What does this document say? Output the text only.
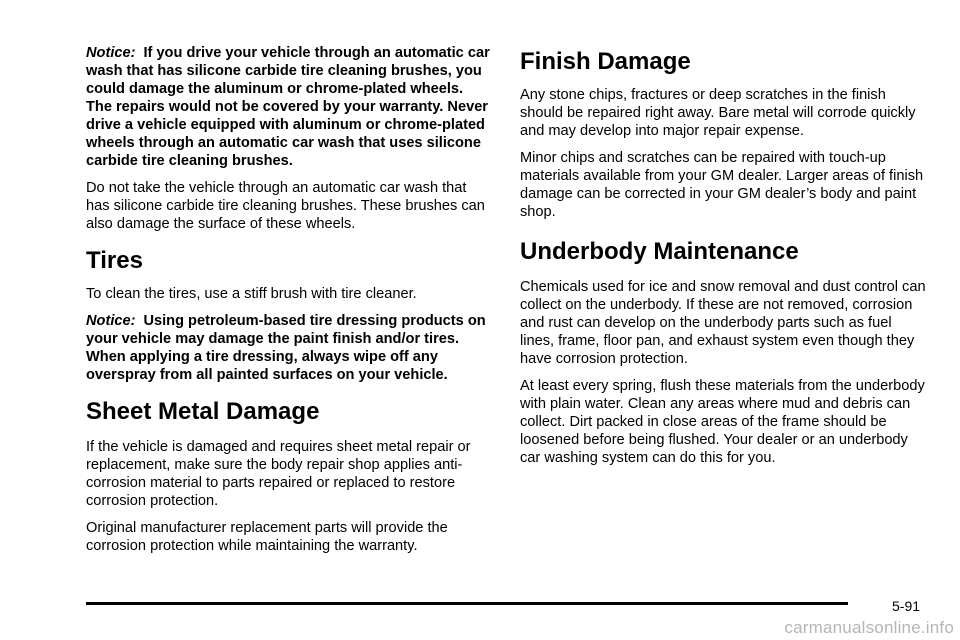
Notice: If you drive your vehicle through an automatic car wash that has silicone carbide tire cleaning brushes, you could damage the aluminum or chrome-plated wheels. The repairs would not be covered by your warranty. Never drive a vehicle equipped with aluminum or chrome-plated wheels through an automatic car wash that uses silicone carbide tire cleaning brushes.

Do not take the vehicle through an automatic car wash that has silicone carbide tire cleaning brushes. These brushes can also damage the surface of these wheels.

Tires

To clean the tires, use a stiff brush with tire cleaner.

Notice: Using petroleum-based tire dressing products on your vehicle may damage the paint finish and/or tires. When applying a tire dressing, always wipe off any overspray from all painted surfaces on your vehicle.

Sheet Metal Damage

If the vehicle is damaged and requires sheet metal repair or replacement, make sure the body repair shop applies anti-corrosion material to parts repaired or replaced to restore corrosion protection.

Original manufacturer replacement parts will provide the corrosion protection while maintaining the warranty.

Finish Damage

Any stone chips, fractures or deep scratches in the finish should be repaired right away. Bare metal will corrode quickly and may develop into major repair expense.

Minor chips and scratches can be repaired with touch-up materials available from your GM dealer. Larger areas of finish damage can be corrected in your GM dealer’s body and paint shop.

Underbody Maintenance

Chemicals used for ice and snow removal and dust control can collect on the underbody. If these are not removed, corrosion and rust can develop on the underbody parts such as fuel lines, frame, floor pan, and exhaust system even though they have corrosion protection.

At least every spring, flush these materials from the underbody with plain water. Clean any areas where mud and debris can collect. Dirt packed in close areas of the frame should be loosened before being flushed. Your dealer or an underbody car washing system can do this for you.

5-91
carmanualsonline.info
